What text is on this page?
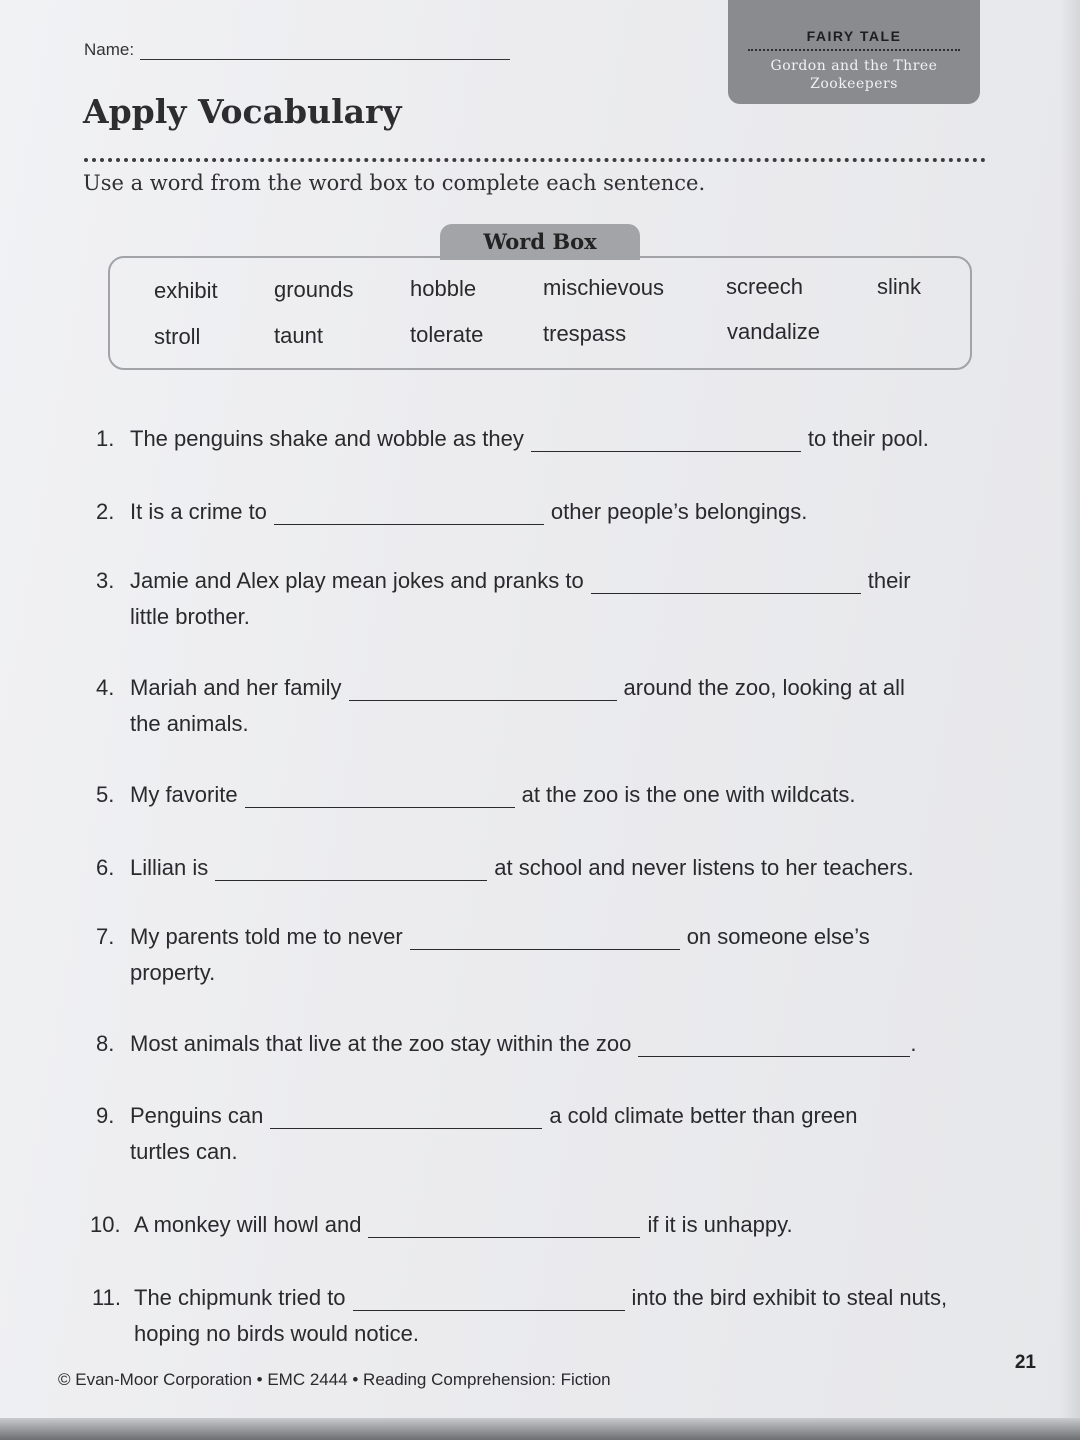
Name:
FAIRY TALE
Gordon and the Three Zookeepers
Apply Vocabulary
Use a word from the word box to complete each sentence.
Word Box
exhibit	grounds	hobble	mischievous	screech	slink
stroll	taunt	tolerate	trespass	vandalize
1. The penguins shake and wobble as they	to their pool.
2. It is a crime to	other people’s belongings.
3. Jamie and Alex play mean jokes and pranks to	their
little brother.
4. Mariah and her family	around the zoo, looking at all
the animals.
5. My favorite	at the zoo is the one with wildcats.
6. Lillian is	at school and never listens to her teachers.
7. My parents told me to never	on someone else’s
property.
8. Most animals that live at the zoo stay within the zoo	.
9. Penguins can	a cold climate better than green
turtles can.
10. A monkey will howl and	if it is unhappy.
11. The chipmunk tried to	into the bird exhibit to steal nuts,
hoping no birds would notice.
© Evan-Moor Corporation • EMC 2444 • Reading Comprehension: Fiction
21
